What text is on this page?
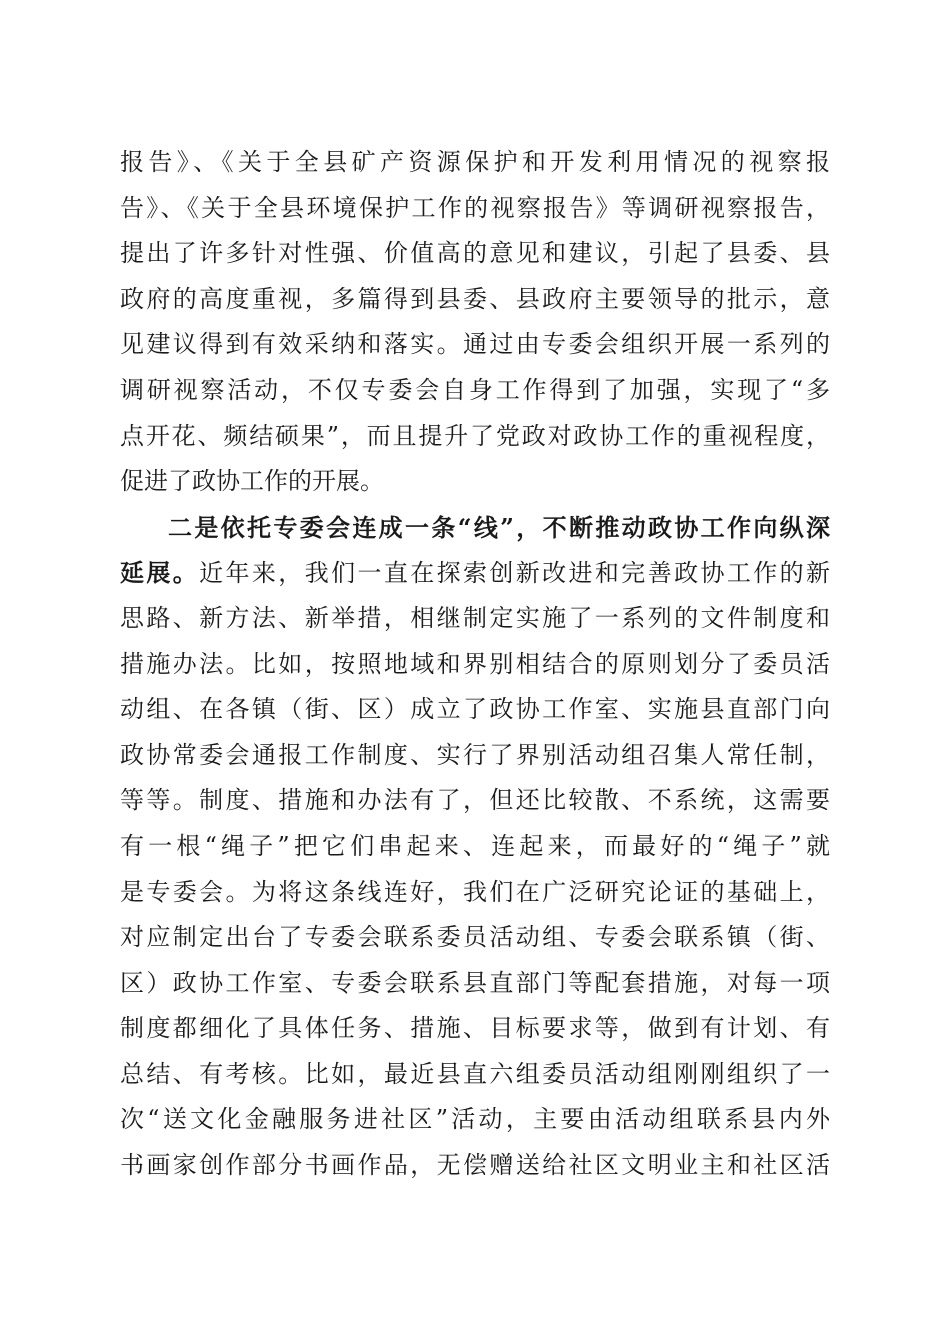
报告》、《关于全县矿产资源保护和开发利用情况的视察报
告》、《关于全县环境保护工作的视察报告》等调研视察报告，
提出了许多针对性强、价值高的意见和建议，引起了县委、县
政府的高度重视，多篇得到县委、县政府主要领导的批示，意
见建议得到有效采纳和落实。通过由专委会组织开展一系列的
调研视察活动，不仅专委会自身工作得到了加强，实现了“多
点开花、频结硕果”，而且提升了党政对政协工作的重视程度，
促进了政协工作的开展。
二是依托专委会连成一条“线”，不断推动政协工作向纵深
延展。近年来，我们一直在探索创新改进和完善政协工作的新
思路、新方法、新举措，相继制定实施了一系列的文件制度和
措施办法。比如，按照地域和界别相结合的原则划分了委员活
动组、在各镇（街、区）成立了政协工作室、实施县直部门向
政协常委会通报工作制度、实行了界别活动组召集人常任制，
等等。制度、措施和办法有了，但还比较散、不系统，这需要
有一根“绳子”把它们串起来、连起来，而最好的“绳子”就
是专委会。为将这条线连好，我们在广泛研究论证的基础上，
对应制定出台了专委会联系委员活动组、专委会联系镇（街、
区）政协工作室、专委会联系县直部门等配套措施，对每一项
制度都细化了具体任务、措施、目标要求等，做到有计划、有
总结、有考核。比如，最近县直六组委员活动组刚刚组织了一
次“送文化金融服务进社区”活动，主要由活动组联系县内外
书画家创作部分书画作品，无偿赠送给社区文明业主和社区活
